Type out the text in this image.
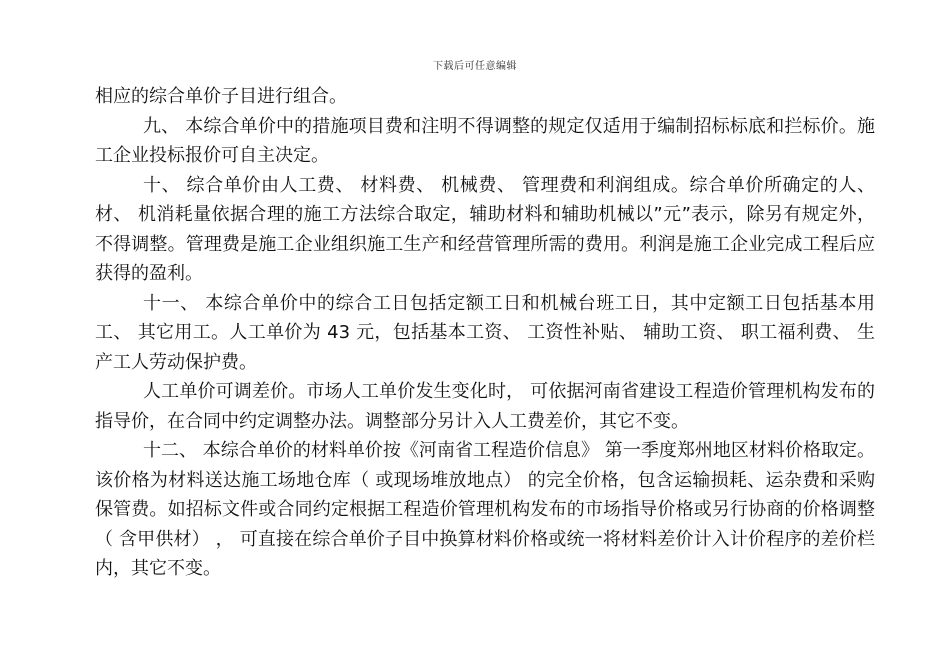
下载后可任意编辑

相应的综合单价子目进行组合。

九、 本综合单价中的措施项目费和注明不得调整的规定仅适用于编制招标标底和拦标价。施工企业投标报价可自主决定。

十、 综合单价由人工费、 材料费、 机械费、 管理费和利润组成。综合单价所确定的人、 材、 机消耗量依据合理的施工方法综合取定，辅助材料和辅助机械以”元”表示，除另有规定外，不得调整。管理费是施工企业组织施工生产和经营管理所需的费用。利润是施工企业完成工程后应获得的盈利。

十一、 本综合单价中的综合工日包括定额工日和机械台班工日，其中定额工日包括基本用工、 其它用工。人工单价为 43 元，包括基本工资、 工资性补贴、 辅助工资、 职工福利费、 生产工人劳动保护费。

人工单价可调差价。市场人工单价发生变化时， 可依据河南省建设工程造价管理机构发布的指导价，在合同中约定调整办法。调整部分另计入人工费差价，其它不变。

十二、 本综合单价的材料单价按《河南省工程造价信息》 第一季度郑州地区材料价格取定。该价格为材料送达施工场地仓库（ 或现场堆放地点） 的完全价格，包含运输损耗、运杂费和采购保管费。如招标文件或合同约定根据工程造价管理机构发布的市场指导价格或另行协商的价格调整（ 含甲供材） ， 可直接在综合单价子目中换算材料价格或统一将材料差价计入计价程序的差价栏内，其它不变。
